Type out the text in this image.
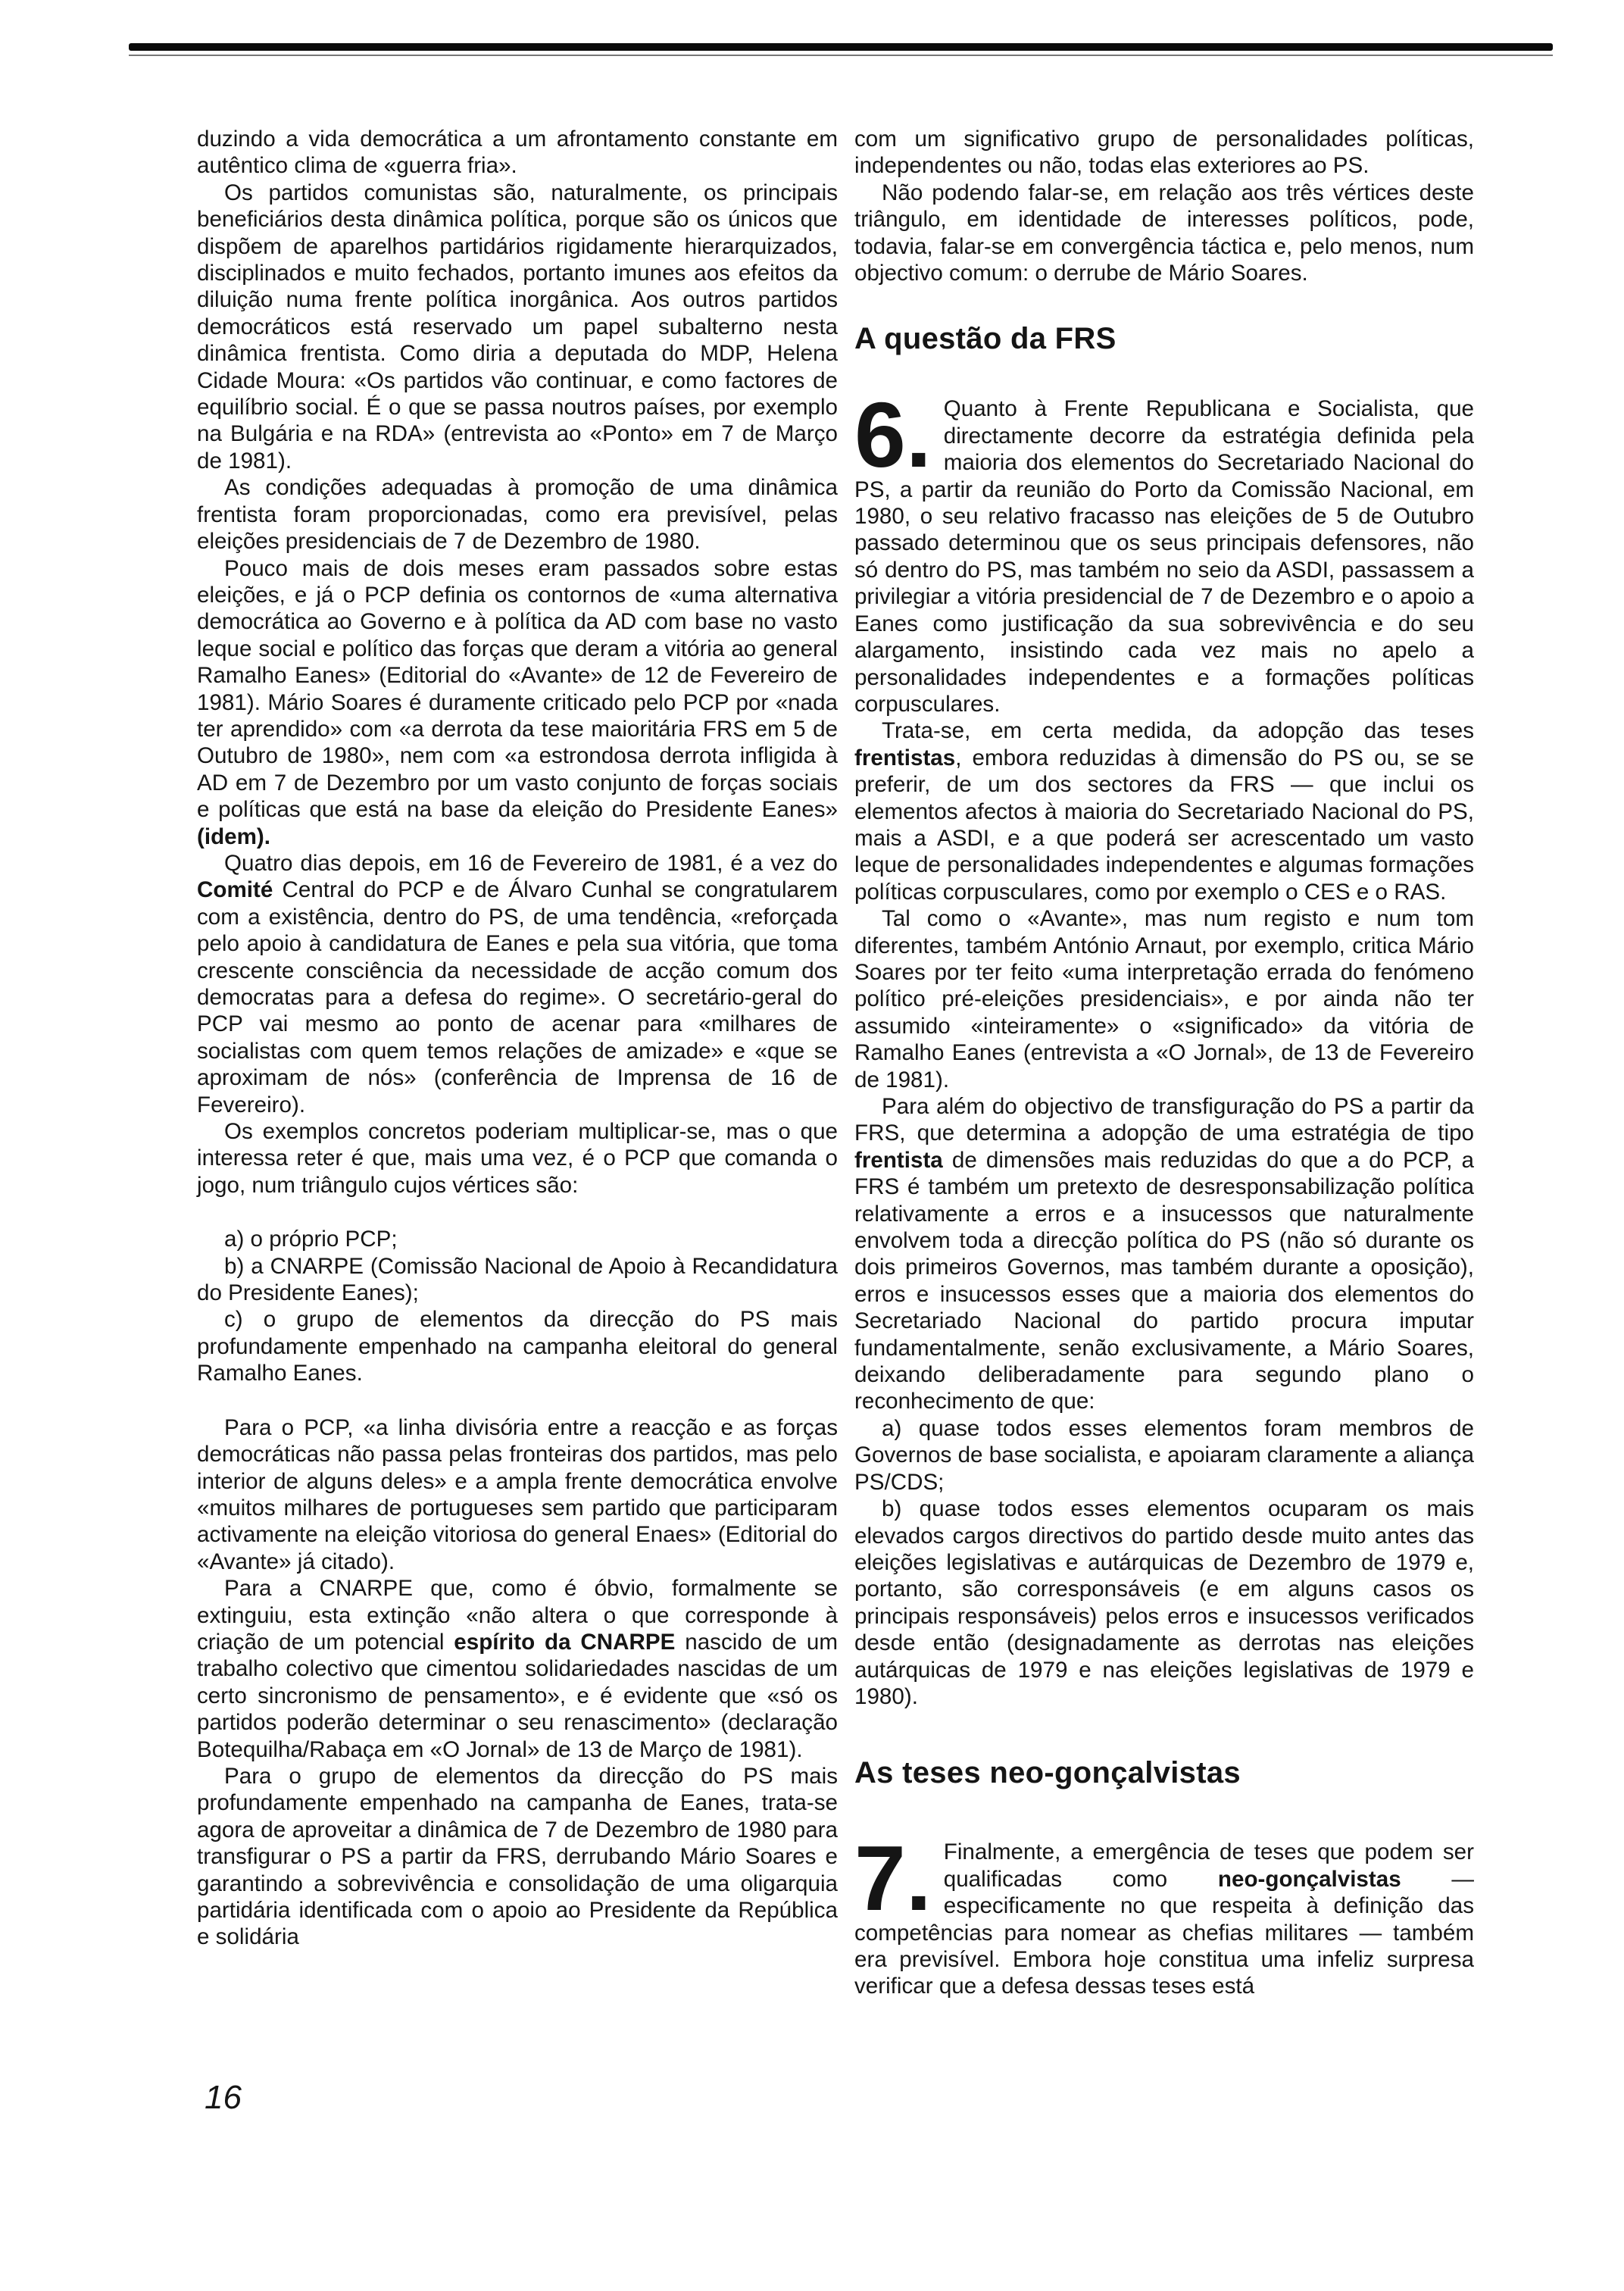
duzindo a vida democrática a um afrontamento constante em autêntico clima de «guerra fria».

Os partidos comunistas são, naturalmente, os principais beneficiários desta dinâmica política, porque são os únicos que dispõem de aparelhos partidários rigidamente hierarquizados, disciplinados e muito fechados, portanto imunes aos efeitos da diluição numa frente política inorgânica. Aos outros partidos democráticos está reservado um papel subalterno nesta dinâmica frentista. Como diria a deputada do MDP, Helena Cidade Moura: «Os partidos vão continuar, e como factores de equilíbrio social. É o que se passa noutros países, por exemplo na Bulgária e na RDA» (entrevista ao «Ponto» em 7 de Março de 1981).

As condições adequadas à promoção de uma dinâmica frentista foram proporcionadas, como era previsível, pelas eleições presidenciais de 7 de Dezembro de 1980.

Pouco mais de dois meses eram passados sobre estas eleições, e já o PCP definia os contornos de «uma alternativa democrática ao Governo e à política da AD com base no vasto leque social e político das forças que deram a vitória ao general Ramalho Eanes» (Editorial do «Avante» de 12 de Fevereiro de 1981). Mário Soares é duramente criticado pelo PCP por «nada ter aprendido» com «a derrota da tese maioritária FRS em 5 de Outubro de 1980», nem com «a estrondosa derrota infligida à AD em 7 de Dezembro por um vasto conjunto de forças sociais e políticas que está na base da eleição do Presidente Eanes» (idem).

Quatro dias depois, em 16 de Fevereiro de 1981, é a vez do Comité Central do PCP e de Álvaro Cunhal se congratularem com a existência, dentro do PS, de uma tendência, «reforçada pelo apoio à candidatura de Eanes e pela sua vitória, que toma crescente consciência da necessidade de acção comum dos democratas para a defesa do regime». O secretário-geral do PCP vai mesmo ao ponto de acenar para «milhares de socialistas com quem temos relações de amizade» e «que se aproximam de nós» (conferência de Imprensa de 16 de Fevereiro).

Os exemplos concretos poderiam multiplicar-se, mas o que interessa reter é que, mais uma vez, é o PCP que comanda o jogo, num triângulo cujos vértices são:

a) o próprio PCP;

b) a CNARPE (Comissão Nacional de Apoio à Recandidatura do Presidente Eanes);

c) o grupo de elementos da direcção do PS mais profundamente empenhado na campanha eleitoral do general Ramalho Eanes.

Para o PCP, «a linha divisória entre a reacção e as forças democráticas não passa pelas fronteiras dos partidos, mas pelo interior de alguns deles» e a ampla frente democrática envolve «muitos milhares de portugueses sem partido que participaram activamente na eleição vitoriosa do general Enaes» (Editorial do «Avante» já citado).

Para a CNARPE que, como é óbvio, formalmente se extinguiu, esta extinção «não altera o que corresponde à criação de um potencial espírito da CNARPE nascido de um trabalho colectivo que cimentou solidariedades nascidas de um certo sincronismo de pensamento», e é evidente que «só os partidos poderão determinar o seu renascimento» (declaração Botequilha/Rabaça em «O Jornal» de 13 de Março de 1981).

Para o grupo de elementos da direcção do PS mais profundamente empenhado na campanha de Eanes, trata-se agora de aproveitar a dinâmica de 7 de Dezembro de 1980 para transfigurar o PS a partir da FRS, derrubando Mário Soares e garantindo a sobrevivência e consolidação de uma oligarquia partidária identificada com o apoio ao Presidente da República e solidária

com um significativo grupo de personalidades políticas, independentes ou não, todas elas exteriores ao PS.

Não podendo falar-se, em relação aos três vértices deste triângulo, em identidade de interesses políticos, pode, todavia, falar-se em convergência táctica e, pelo menos, num objectivo comum: o derrube de Mário Soares.

A questão da FRS
6. Quanto à Frente Republicana e Socialista, que directamente decorre da estratégia definida pela maioria dos elementos do Secretariado Nacional do PS, a partir da reunião do Porto da Comissão Nacional, em 1980, o seu relativo fracasso nas eleições de 5 de Outubro passado determinou que os seus principais defensores, não só dentro do PS, mas também no seio da ASDI, passassem a privilegiar a vitória presidencial de 7 de Dezembro e o apoio a Eanes como justificação da sua sobrevivência e do seu alargamento, insistindo cada vez mais no apelo a personalidades independentes e a formações políticas corpusculares.

Trata-se, em certa medida, da adopção das teses frentistas, embora reduzidas à dimensão do PS ou, se se preferir, de um dos sectores da FRS — que inclui os elementos afectos à maioria do Secretariado Nacional do PS, mais a ASDI, e a que poderá ser acrescentado um vasto leque de personalidades independentes e algumas formações políticas corpusculares, como por exemplo o CES e o RAS.

Tal como o «Avante», mas num registo e num tom diferentes, também António Arnaut, por exemplo, critica Mário Soares por ter feito «uma interpretação errada do fenómeno político pré-eleições presidenciais», e por ainda não ter assumido «inteiramente» o «significado» da vitória de Ramalho Eanes (entrevista a «O Jornal», de 13 de Fevereiro de 1981).

Para além do objectivo de transfiguração do PS a partir da FRS, que determina a adopção de uma estratégia de tipo frentista de dimensões mais reduzidas do que a do PCP, a FRS é também um pretexto de desresponsabilização política relativamente a erros e a insucessos que naturalmente envolvem toda a direcção política do PS (não só durante os dois primeiros Governos, mas também durante a oposição), erros e insucessos esses que a maioria dos elementos do Secretariado Nacional do partido procura imputar fundamentalmente, senão exclusivamente, a Mário Soares, deixando deliberadamente para segundo plano o reconhecimento de que:

a) quase todos esses elementos foram membros de Governos de base socialista, e apoiaram claramente a aliança PS/CDS;

b) quase todos esses elementos ocuparam os mais elevados cargos directivos do partido desde muito antes das eleições legislativas e autárquicas de Dezembro de 1979 e, portanto, são corresponsáveis (e em alguns casos os principais responsáveis) pelos erros e insucessos verificados desde então (designadamente as derrotas nas eleições autárquicas de 1979 e nas eleições legislativas de 1979 e 1980).

As teses neo-gonçalvistas
7. Finalmente, a emergência de teses que podem ser qualificadas como neo-gonçalvistas — especificamente no que respeita à definição das competências para nomear as chefias militares — também era previsível. Embora hoje constitua uma infeliz surpresa verificar que a defesa dessas teses está

16
